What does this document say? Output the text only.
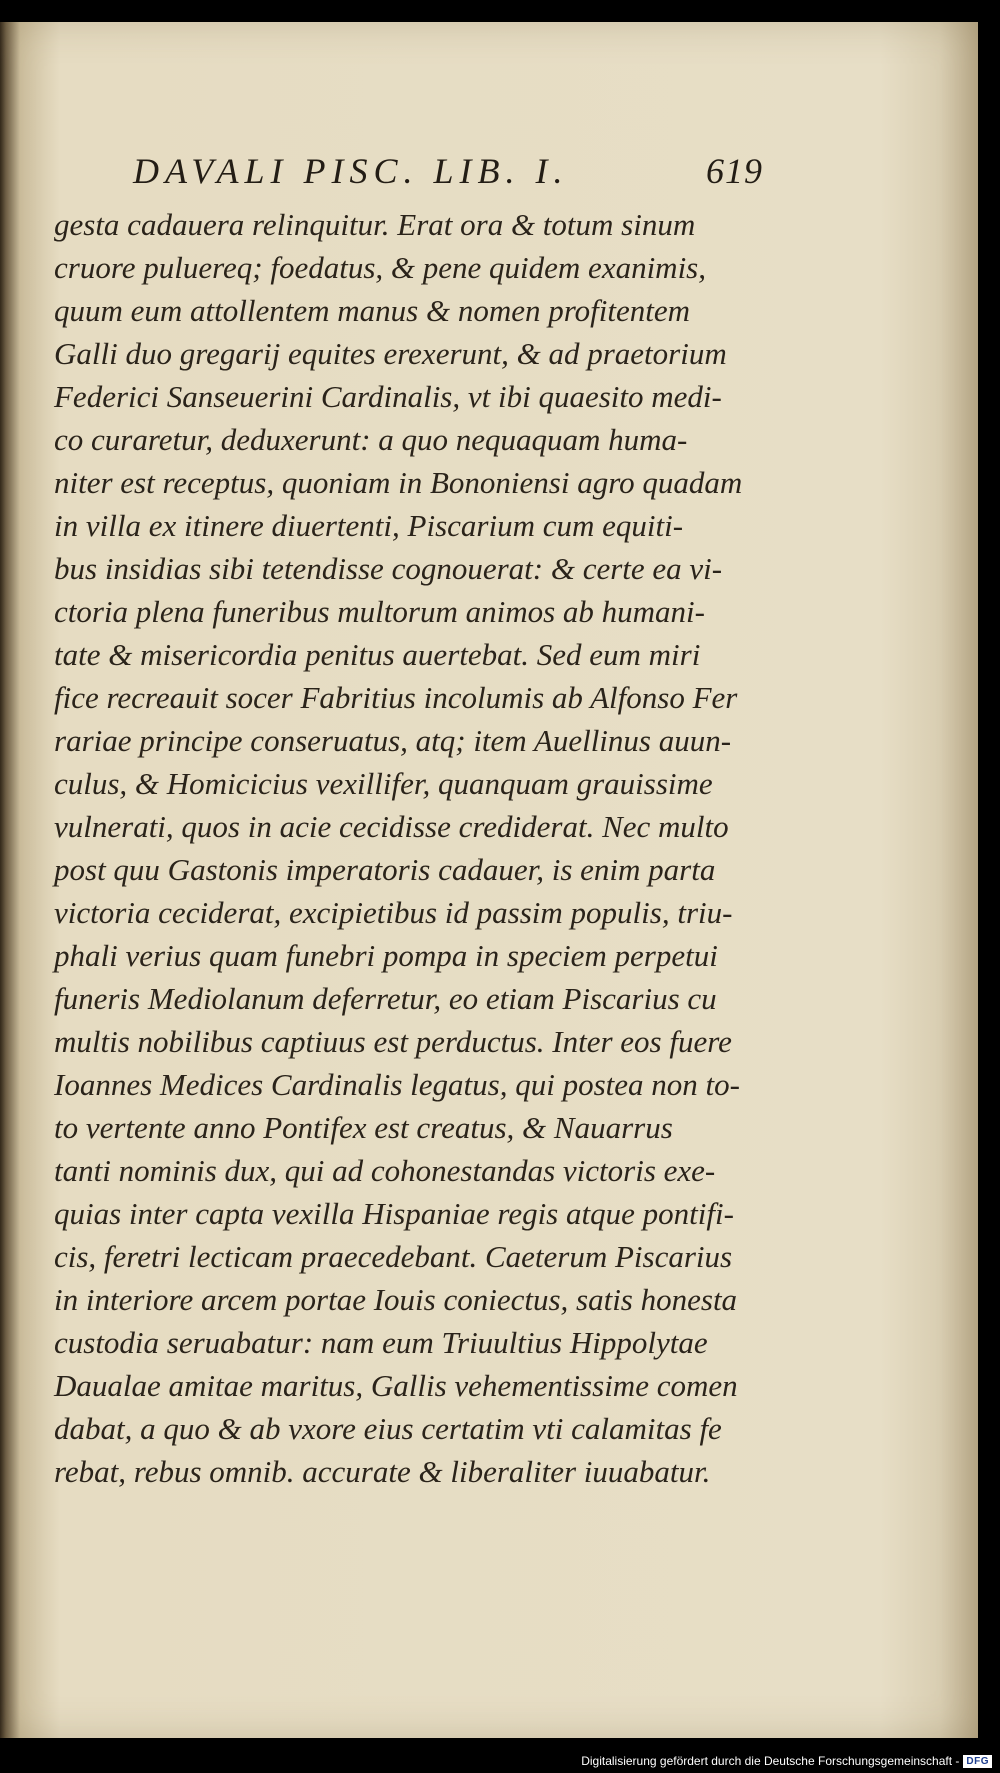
DAVALI PISC. LIB. I.	619
gesta cadauera relinquitur. Erat ora & totum sinum
cruore puluereq; foedatus, & pene quidem exanimis,
quum eum attollentem manus & nomen profitentem
Galli duo gregarij equites erexerunt, & ad praetorium
Federici Sanseuerini Cardinalis, vt ibi quaesito medi-
co curaretur, deduxerunt: a quo nequaquam huma-
niter est receptus, quoniam in Bononiensi agro quadam
in villa ex itinere diuertenti, Piscarium cum equiti-
bus insidias sibi tetendisse cognouerat: & certe ea vi-
ctoria plena funeribus multorum animos ab humani-
tate & misericordia penitus auertebat. Sed eum miri
fice recreauit socer Fabritius incolumis ab Alfonso Fer
rariae principe conseruatus, atq; item Auellinus auun-
culus, & Homicicius vexillifer, quanquam grauissime
vulnerati, quos in acie cecidisse crediderat. Nec multo
post quu Gastonis imperatoris cadauer, is enim parta
victoria ceciderat, excipietibus id passim populis, triu-
phali verius quam funebri pompa in speciem perpetui
funeris Mediolanum deferretur, eo etiam Piscarius cu
multis nobilibus captiuus est perductus. Inter eos fuere
Ioannes Medices Cardinalis legatus, qui postea non to-
to vertente anno Pontifex est creatus, & Nauarrus
tanti nominis dux, qui ad cohonestandas victoris exe-
quias inter capta vexilla Hispaniae regis atque pontifi-
cis, feretri lecticam praecedebant. Caeterum Piscarius
in interiore arcem portae Iouis coniectus, satis honesta
custodia seruabatur: nam eum Triuultius Hippolytae
Daualae amitae maritus, Gallis vehementissime comen
dabat, a quo & ab vxore eius certatim vti calamitas fe
rebat, rebus omnib. accurate & liberaliter iuuabatur.
Digitalisierung gefördert durch die Deutsche Forschungsgemeinschaft - DFG
